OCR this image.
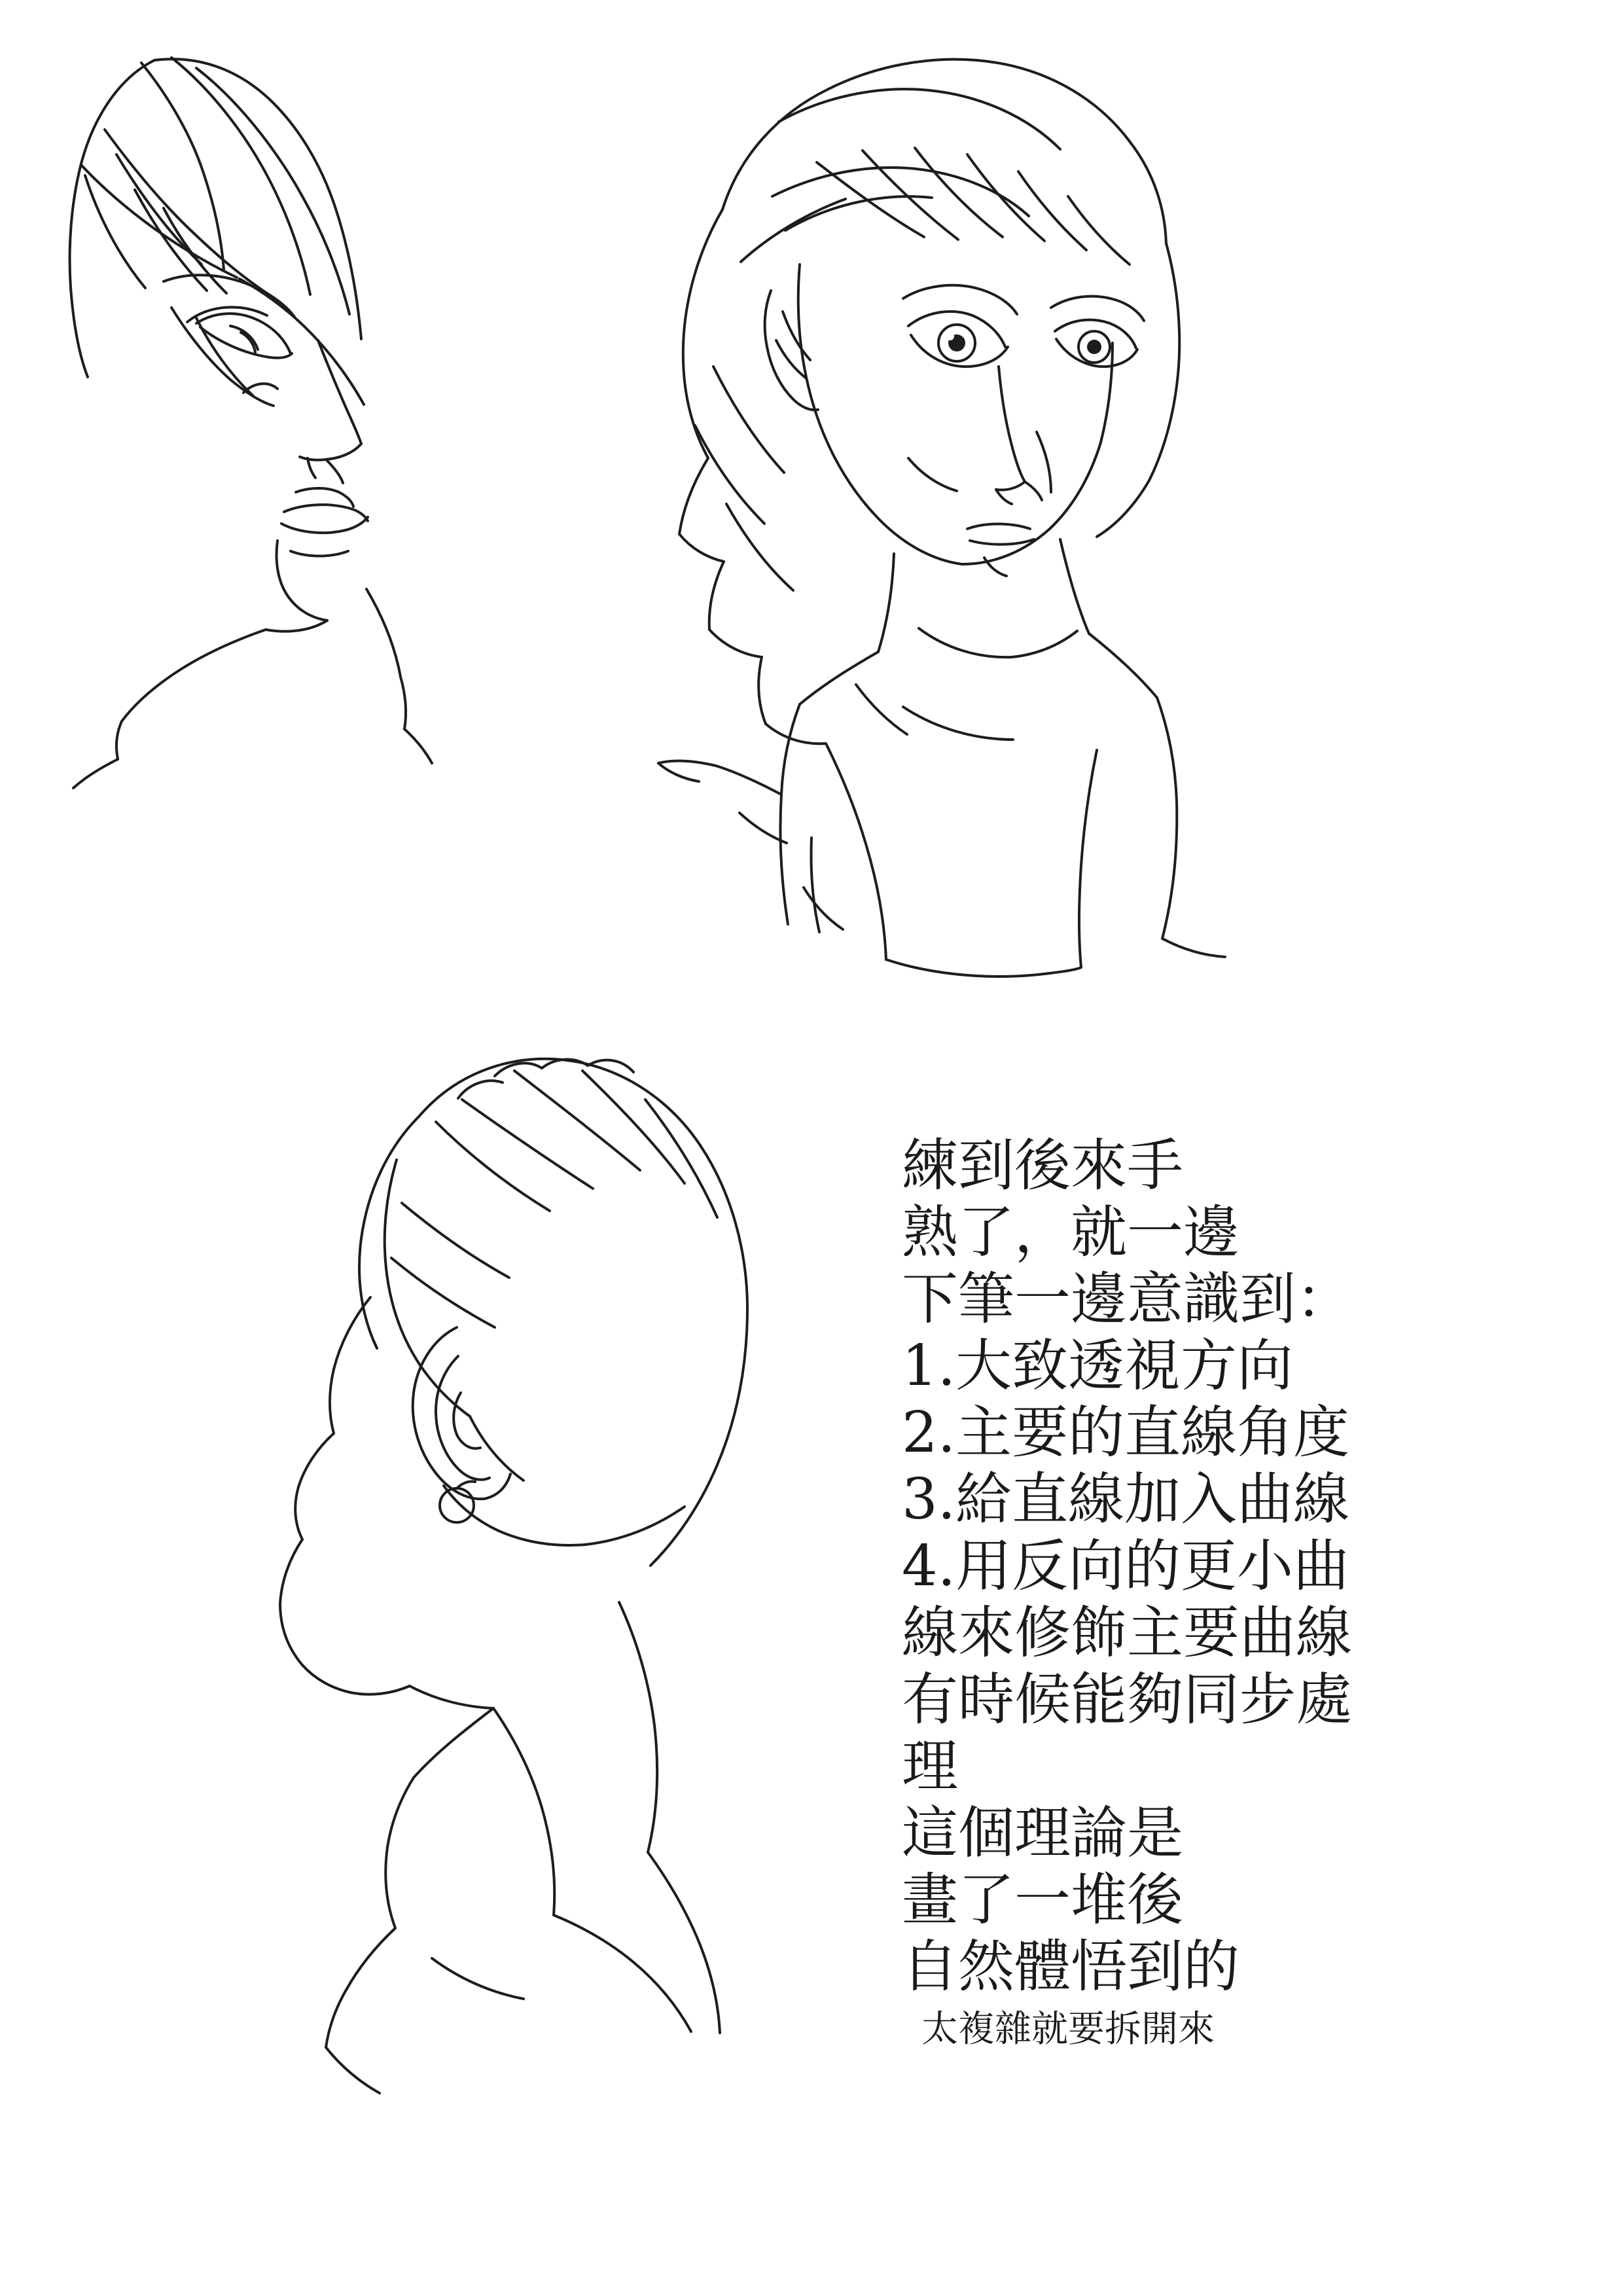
練到後來手
熟了，就一邊
下筆一邊意識到：
1.大致透視方向
2.主要的直線角度
3.給直線加入曲線
4.用反向的更小曲
線來修飾主要曲線
有時候能夠同步處
理
這個理論是
畫了一堆後
自然體悟到的
太複雜就要拆開來
